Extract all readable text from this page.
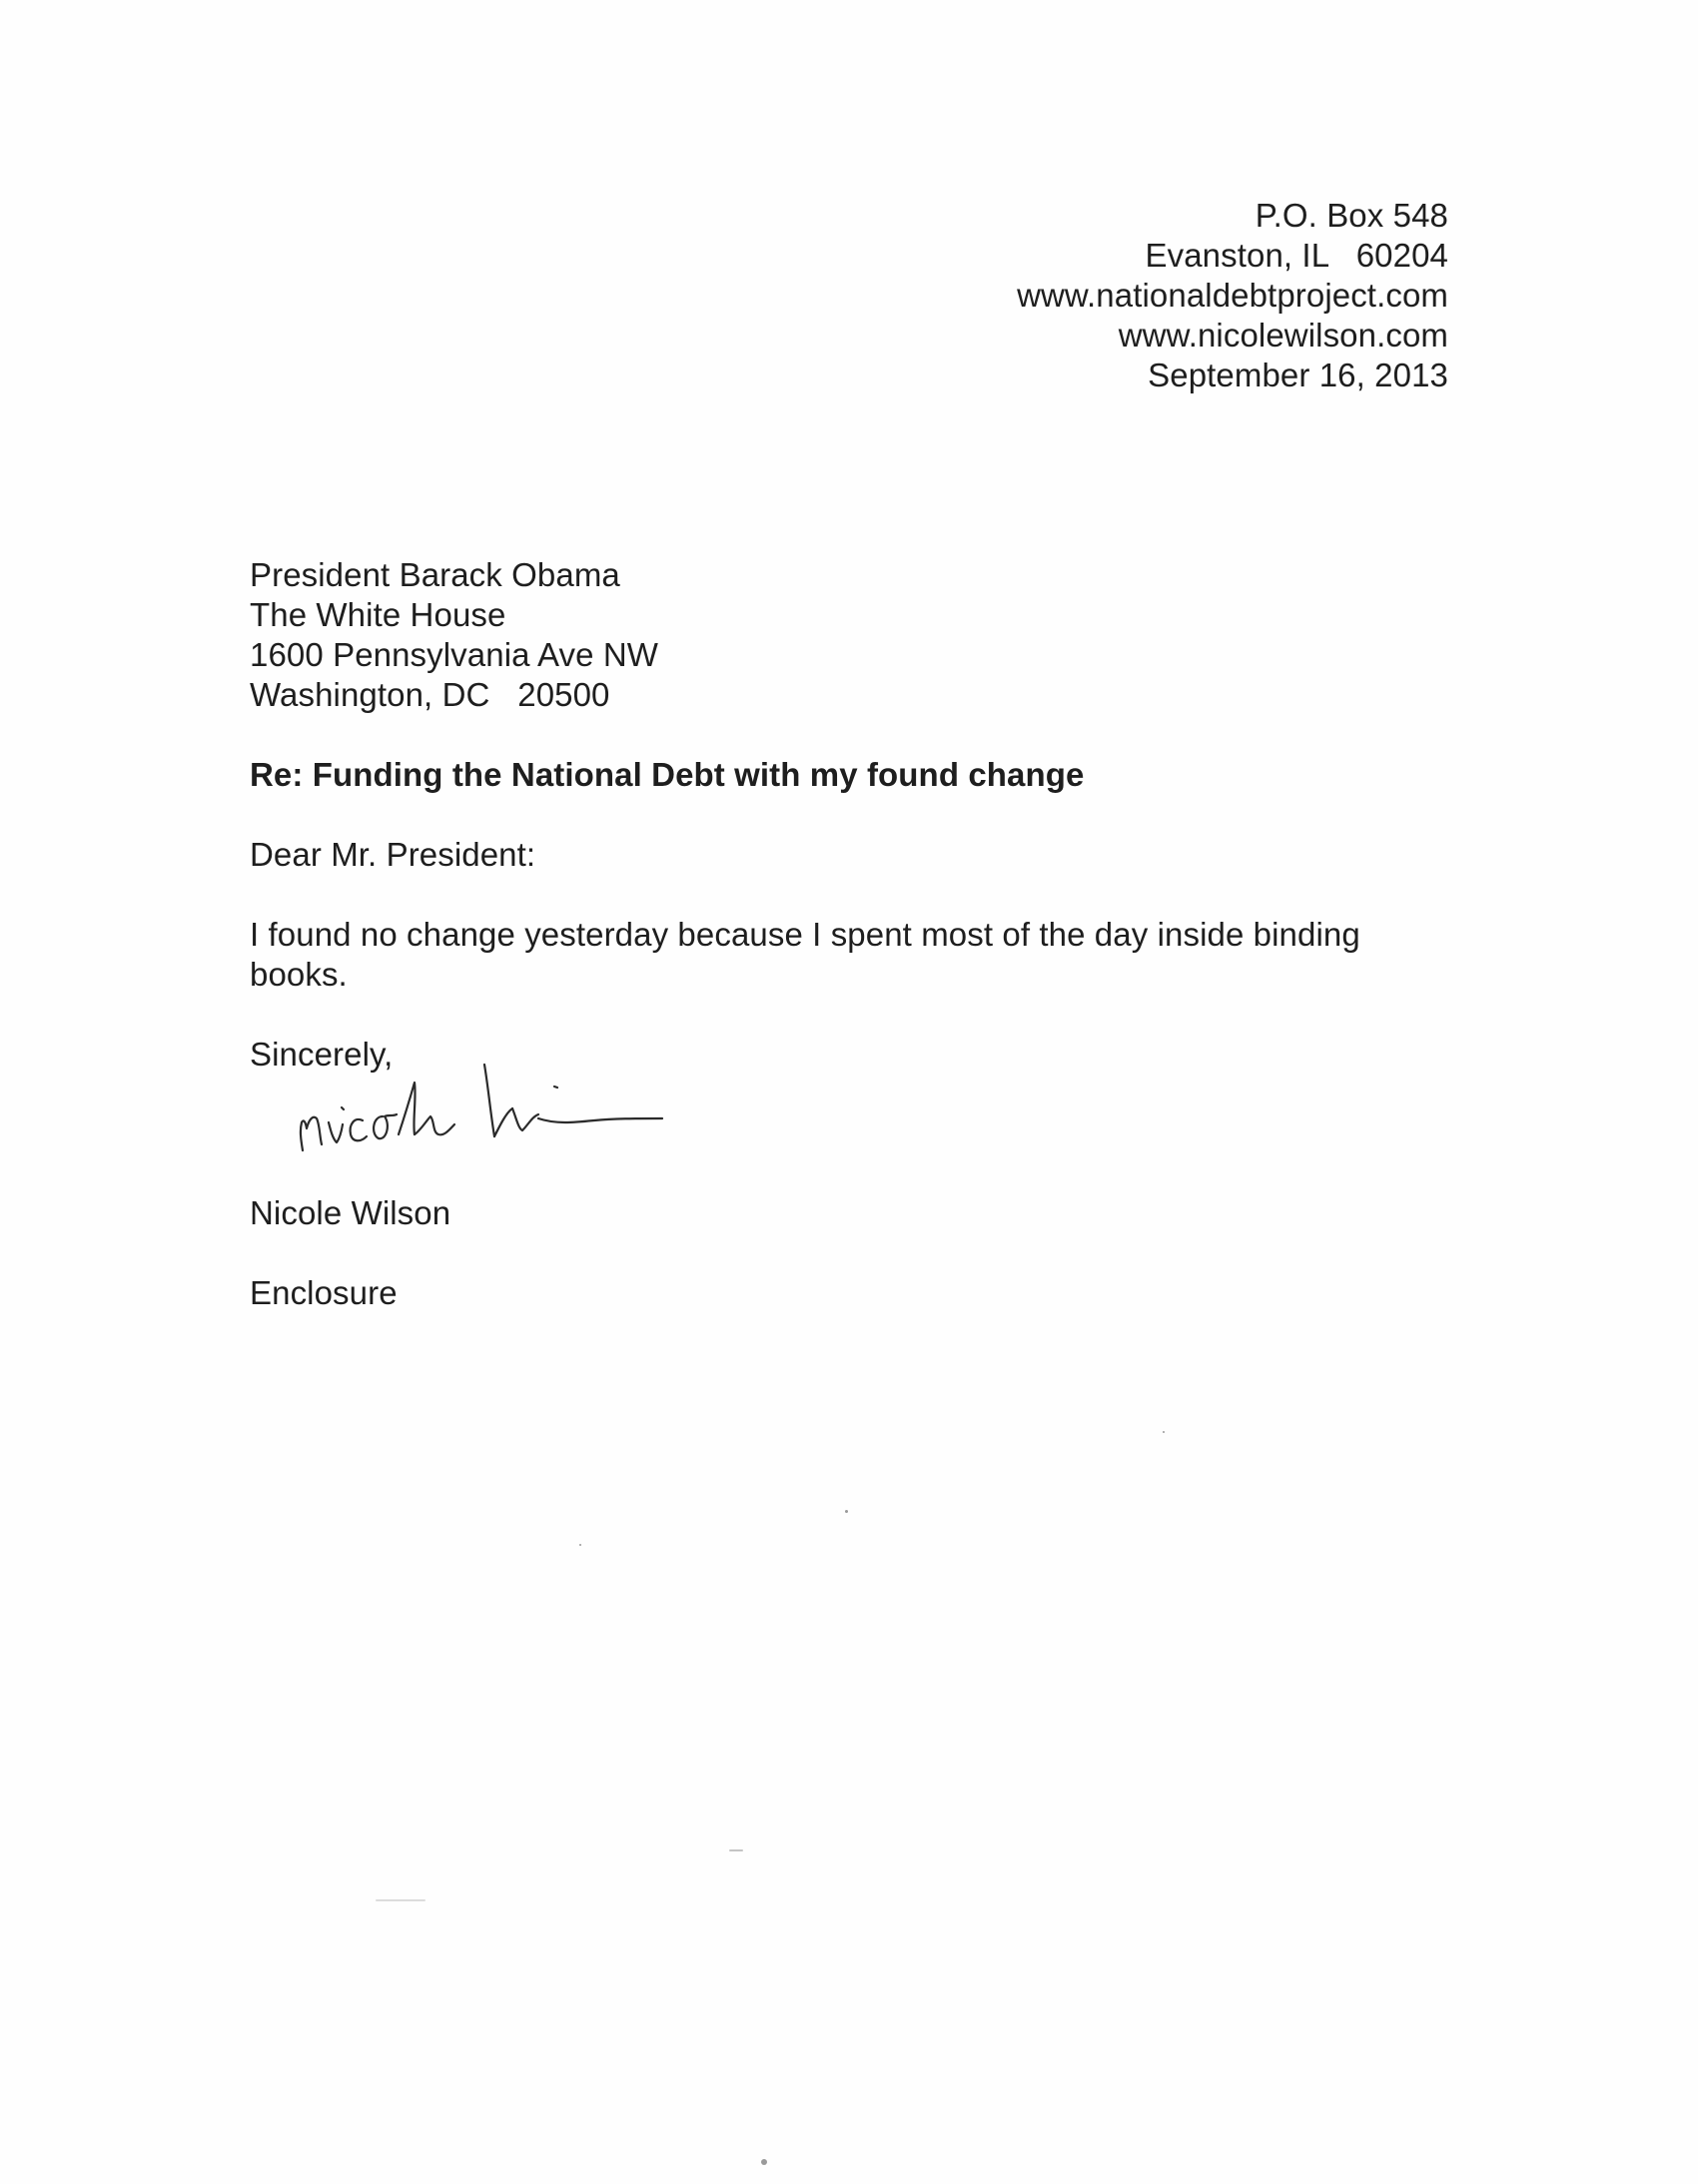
P.O. Box 548
Evanston, IL   60204
www.nationaldebtproject.com
www.nicolewilson.com
September 16, 2013
President Barack Obama
The White House
1600 Pennsylvania Ave NW
Washington, DC   20500
Re: Funding the National Debt with my found change
Dear Mr. President:
I found no change yesterday because I spent most of the day inside binding books.
Sincerely,
Nicole Wilson
Enclosure
